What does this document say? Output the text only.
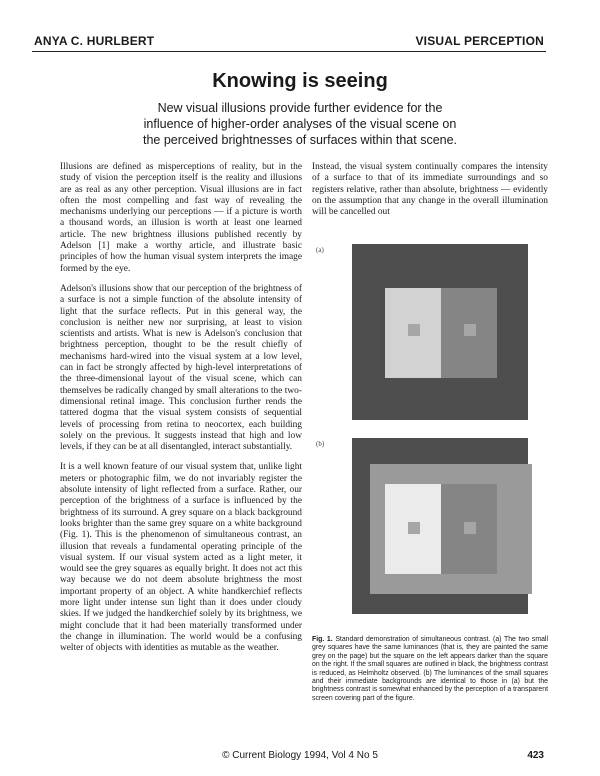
ANYA C. HURLBERT	VISUAL PERCEPTION
Knowing is seeing
New visual illusions provide further evidence for the influence of higher-order analyses of the visual scene on the perceived brightnesses of surfaces within that scene.

Illusions are defined as misperceptions of reality, but in the study of vision the perception itself is the reality and illusions are as real as any other perception. Visual illusions are in fact often the most compelling and fast way of revealing the mechanisms underlying our perceptions — if a picture is worth a thousand words, an illusion is worth at least one learned article. The new brightness illusions published recently by Adelson [1] make a worthy article, and illustrate basic principles of how the human visual system interprets the image formed by the eye.

Adelson's illusions show that our perception of the brightness of a surface is not a simple function of the absolute intensity of light that the surface reflects. Put in this general way, the conclusion is neither new nor surprising, at least to vision scientists and artists. What is new is Adelson's conclusion that brightness perception, thought to be the result chiefly of mechanisms hard-wired into the visual system at a low level, can in fact be strongly affected by high-level interpretations of the three-dimensional layout of the visual scene, which can themselves be radically changed by small alterations to the two-dimensional retinal image. This conclusion further rends the tattered dogma that the visual system consists of sequential levels of processing from retina to neocortex, each building solely on the previous. It suggests instead that high and low levels, if they can be at all disentangled, interact substantially.

It is a well known feature of our visual system that, unlike light meters or photographic film, we do not invariably register the absolute intensity of light reflected from a surface. Rather, our perception of the brightness of a surface is influenced by the brightness of its surround. A grey square on a black background looks brighter than the same grey square on a white background (Fig. 1). This is the phenomenon of simultaneous contrast, an illusion that reveals a fundamental operating principle of the visual system. If our visual system acted as a light meter, it would see the grey squares as equally bright. It does not act this way because we do not deem absolute brightness the most important property of an object. A white handkerchief reflects more light under intense sun light than it does under cloudy skies. If we judged the handkerchief solely by its brightness, we might conclude that it had been materially transformed under the change in illumination. The world would be a confusing welter of objects with identities as mutable as the weather.

Instead, the visual system continually compares the intensity of a surface to that of its immediate surroundings and so registers relative, rather than absolute, brightness — evidently on the assumption that any change in the overall illumination will be cancelled out

(a)
(b)
Fig. 1. Standard demonstration of simultaneous contrast. (a) The two small grey squares have the same luminances (that is, they are painted the same grey on the page) but the square on the left appears darker than the square on the right. If the small squares are outlined in black, the brightness contrast is reduced, as Helmholtz observed. (b) The luminances of the small squares and their immediate backgrounds are identical to those in (a) but the brightness contrast is somewhat enhanced by the perception of a transparent screen covering part of the figure.
© Current Biology 1994, Vol 4 No 5	423
